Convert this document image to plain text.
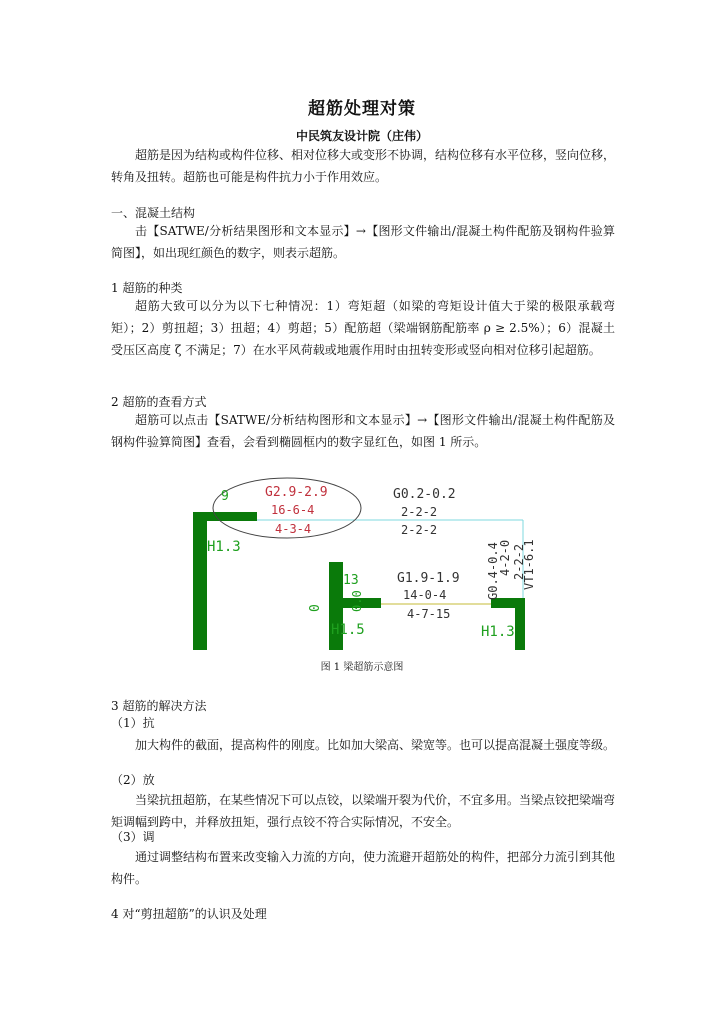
超筋处理对策
中民筑友设计院（庄伟）
超筋是因为结构或构件位移、相对位移大或变形不协调，结构位移有水平位移，竖向位移，转角及扭转。超筋也可能是构件抗力小于作用效应。
一、混凝土结构
击【SATWE/分析结果图形和文本显示】→【图形文件输出/混凝土构件配筋及钢构件验算简图】，如出现红颜色的数字，则表示超筋。
1 超筋的种类
超筋大致可以分为以下七种情况：1）弯矩超（如梁的弯矩设计值大于梁的极限承载弯矩）；2）剪扭超；3）扭超；4）剪超；5）配筋超（梁端钢筋配筋率 ρ ≥ 2.5%）；6）混凝土受压区高度 ζ 不满足；7）在水平风荷载或地震作用时由扭转变形或竖向相对位移引起超筋。
2 超筋的查看方式
超筋可以点击【SATWE/分析结构图形和文本显示】→【图形文件输出/混凝土构件配筋及钢构件验算简图】查看，会看到椭圆框内的数字显红色，如图 1 所示。
9	G2.9-2.9
16-6-4
4-3-4
H1.3
G0.2-0.2
2-2-2
2-2-2
13	G1.9-1.9
14-0-4
4-7-15
0 0.0
H1.5	H1.3
G0.4-0.4
4-2-0 2-2-2
VT1-6.1
图 1 梁超筋示意图
3 超筋的解决方法
（1）抗
加大构件的截面，提高构件的刚度。比如加大梁高、梁宽等。也可以提高混凝土强度等级。
（2）放
当梁抗扭超筋，在某些情况下可以点铰，以梁端开裂为代价，不宜多用。当梁点铰把梁端弯矩调幅到跨中，并释放扭矩，强行点铰不符合实际情况，不安全。
（3）调
通过调整结构布置来改变输入力流的方向，使力流避开超筋处的构件，把部分力流引到其他构件。
4 对“剪扭超筋”的认识及处理
